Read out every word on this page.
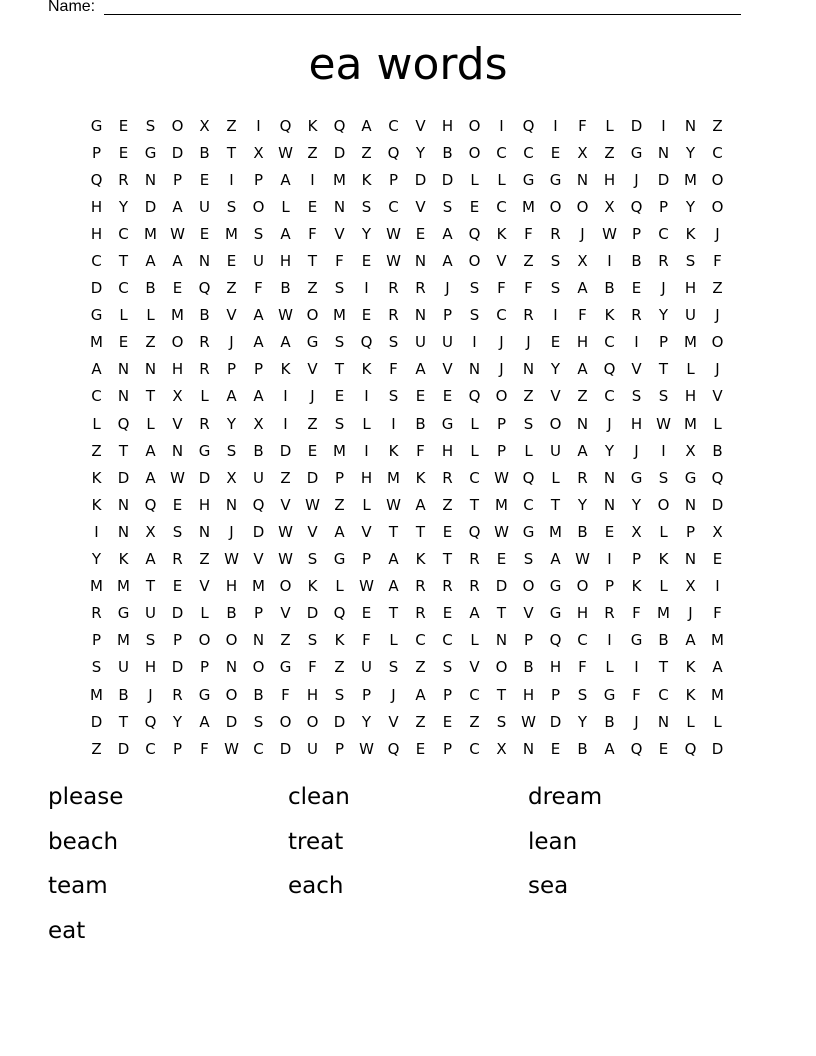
Name:
ea words
G	E	S	O	X	Z	I	Q	K	Q	A	C	V	H	O	I	Q	I	F	L	D	I	N	Z
P	E	G	D	B	T	X W Z	D	Z	Q	Y	B	O	C	C	E	X	Z	G	N	Y	C
Q	R	N	P	E	I	P	A	I	M	K	P	D	D	L	L	G	G	N	H	J	D M O
H	Y	D	A	U	S	O	L	E	N	S	C	V	S	E	C	M O	O	X	Q	P	Y	O
H	C	M W E	M	S	A	F	V	Y	W E	A	Q	K	F	R	J	W	P	C	K	J
C	T	A	A	N	E	U	H	T	F	E W N	A	O	V	Z	S	X	I	B	R	S	F
D	C	B	E	Q	Z	F	B	Z	S	I	R	R	J	S	F	F	S	A	B	E	J	H	Z
G	L	L	M	B	V	A W O M	E	R	N	P	S	C	R	I	F	K	R	Y	U	J
M	E	Z	O	R	J	A	A	G	S	Q	S	U	U	I	J	J	E	H	C	I	P	M O
A	N	N	H	R	P	P	K	V	T	K	F	A	V	N	J	N	Y	A	Q	V	T	L	J
C	N	T	X	L	A	A	I	J	E	I	S	E	E	Q	O	Z	V	Z	C	S	S	H	V
L	Q	L	V	R	Y	X	I	Z	S	L	I	B	G	L	P	S	O	N	J	H W M	L
Z	T	A	N	G	S	B	D	E	M	I	K	F	H	L	P	L	U	A	Y	J	I	X	B
K	D	A W D	X	U	Z	D	P	H M	K	R	C W Q	L	R	N	G	S	G	Q
K	N	Q	E	H	N	Q	V W Z	L	W A	Z	T	M	C	T	Y	N	Y	O	N	D
I	N	X	S	N	J	D W V	A	V	T	T	E	Q W G M	B	E	X	L	P	X
Y	K	A	R	Z W V W S	G	P	A	K	T	R	E	S	A W	I	P	K	N	E
M M	T	E	V	H M O	K	L	W A	R	R	R	D	O	G	O	P	K	L	X	I
R	G	U	D	L	B	P	V	D	Q	E	T	R	E	A	T	V	G	H	R	F	M	J	F
P	M	S	P	O	O	N	Z	S	K	F	L	C	C	L	N	P	Q	C	I	G	B	A	M
S	U	H	D	P	N	O	G	F	Z	U	S	Z	S	V	O	B	H	F	L	I	T	K	A
M	B	J	R	G	O	B	F	H	S	P	J	A	P	C	T	H	P	S	G	F	C	K	M
D	T	Q	Y	A	D	S	O	O	D	Y	V	Z	E	Z	S W D	Y	B	J	N	L	L
Z	D	C	P	F	W C	D	U	P	W Q	E	P	C	X	N	E	B	A	Q	E	Q	D
please	clean	dream
beach	treat	lean
team	each	sea
eat
